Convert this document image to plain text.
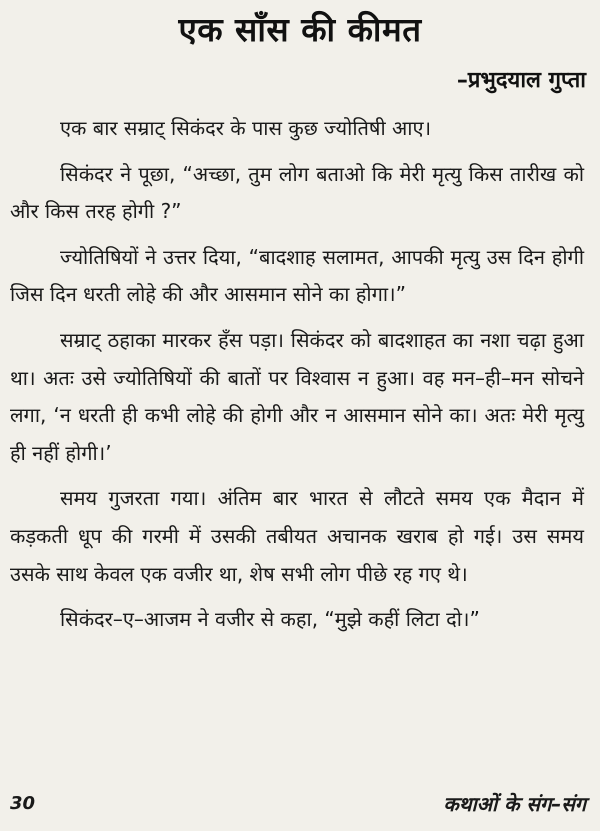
एक साँस की कीमत
–प्रभुदयाल गुप्ता

एक बार सम्राट् सिकंदर के पास कुछ ज्योतिषी आए।

सिकंदर ने पूछा, “अच्छा, तुम लोग बताओ कि मेरी मृत्यु किस तारीख को और किस तरह होगी ?”

ज्योतिषियों ने उत्तर दिया, “बादशाह सलामत, आपकी मृत्यु उस दिन होगी जिस दिन धरती लोहे की और आसमान सोने का होगा।”

सम्राट् ठहाका मारकर हँस पड़ा। सिकंदर को बादशाहत का नशा चढ़ा हुआ था। अतः उसे ज्योतिषियों की बातों पर विश्वास न हुआ। वह मन–ही–मन सोचने लगा, ‘न धरती ही कभी लोहे की होगी और न आसमान सोने का। अतः मेरी मृत्यु ही नहीं होगी।’

समय गुजरता गया। अंतिम बार भारत से लौटते समय एक मैदान में कड़कती धूप की गरमी में उसकी तबीयत अचानक खराब हो गई। उस समय उसके साथ केवल एक वजीर था, शेष सभी लोग पीछे रह गए थे।

सिकंदर–ए–आजम ने वजीर से कहा, “मुझे कहीं लिटा दो।”

30	कथाओं के संग–संग
